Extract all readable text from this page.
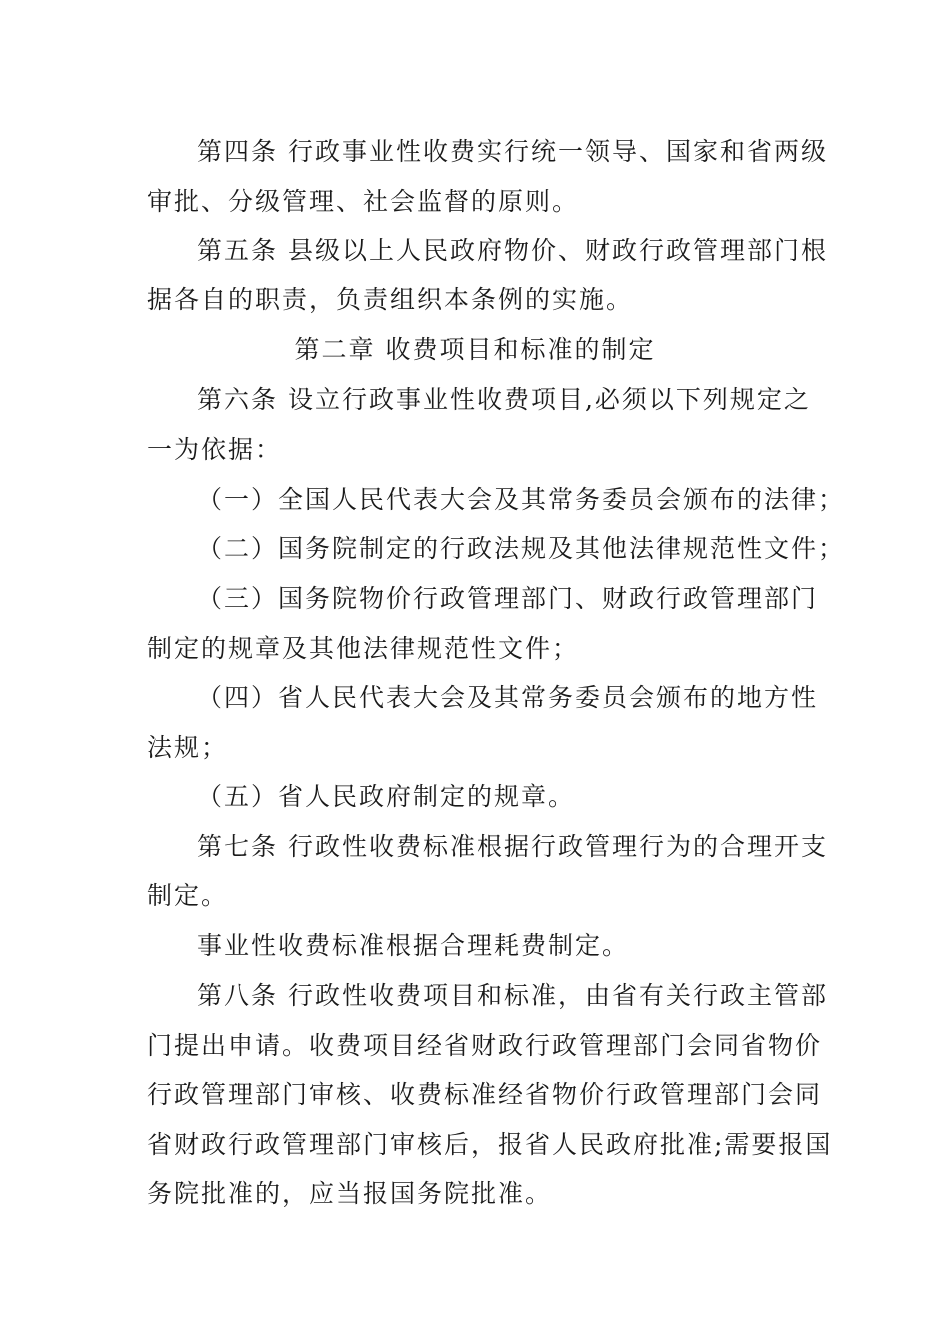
第四条 行政事业性收费实行统一领导、国家和省两级
审批、分级管理、社会监督的原则。
第五条 县级以上人民政府物价、财政行政管理部门根
据各自的职责，负责组织本条例的实施。
第二章 收费项目和标准的制定
第六条 设立行政事业性收费项目,必须以下列规定之
一为依据：
（一）全国人民代表大会及其常务委员会颁布的法律；
（二）国务院制定的行政法规及其他法律规范性文件；
（三）国务院物价行政管理部门、财政行政管理部门
制定的规章及其他法律规范性文件；
（四）省人民代表大会及其常务委员会颁布的地方性
法规；
（五）省人民政府制定的规章。
第七条 行政性收费标准根据行政管理行为的合理开支
制定。
事业性收费标准根据合理耗费制定。
第八条 行政性收费项目和标准，由省有关行政主管部
门提出申请。收费项目经省财政行政管理部门会同省物价
行政管理部门审核、收费标准经省物价行政管理部门会同
省财政行政管理部门审核后，报省人民政府批准;需要报国
务院批准的，应当报国务院批准。
